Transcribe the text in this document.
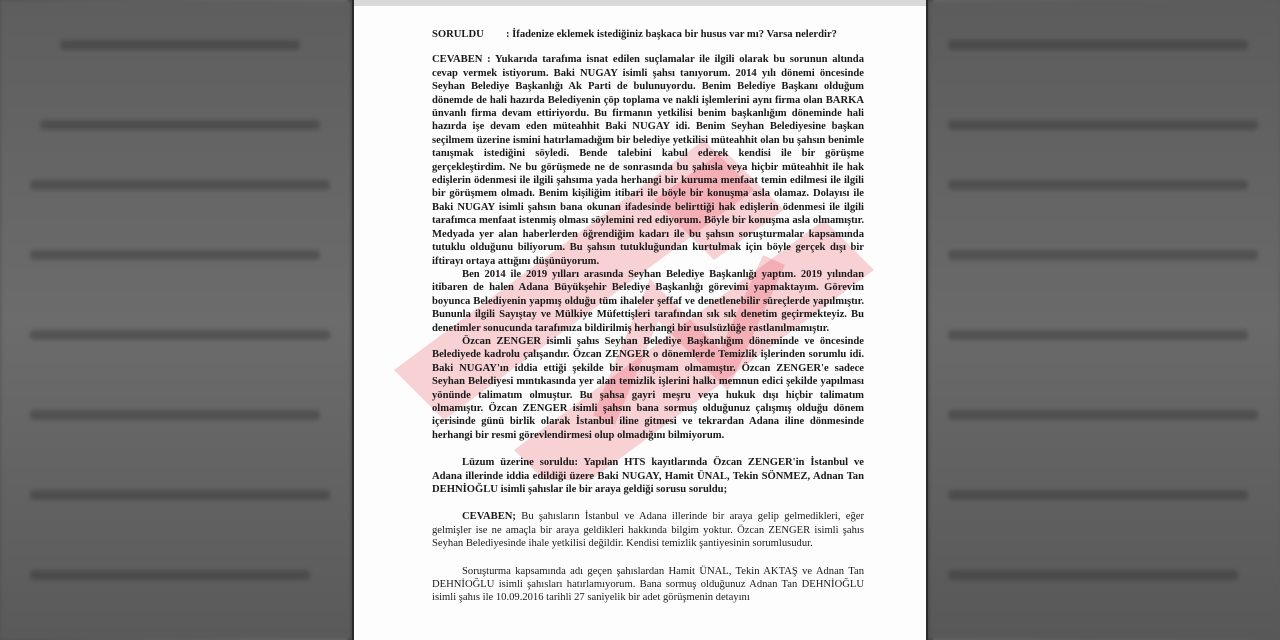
SORULDU	: İfadenize eklemek istediğiniz başkaca bir husus var mı? Varsa nelerdir?

CEVABEN : Yukarıda tarafıma isnat edilen suçlamalar ile ilgili olarak bu sorunun altında cevap vermek istiyorum. Baki NUGAY isimli şahsı tanıyorum. 2014 yılı dönemi öncesinde Seyhan Belediye Başkanlığı Ak Parti de bulunuyordu. Benim Belediye Başkanı olduğum dönemde de hali hazırda Belediyenin çöp toplama ve nakli işlemlerini aynı firma olan BARKA ünvanlı firma devam ettiriyordu. Bu firmanın yetkilisi benim başkanlığım döneminde hali hazırda işe devam eden müteahhit Baki NUGAY idi. Benim Seyhan Belediyesine başkan seçilmem üzerine ismini hatırlamadığım bir belediye yetkilisi müteahhit olan bu şahsın benimle tanışmak istediğini söyledi. Bende talebini kabul ederek kendisi ile bir görüşme gerçekleştirdim. Ne bu görüşmede ne de sonrasında bu şahısla veya hiçbir müteahhit ile hak edişlerin ödenmesi ile ilgili şahsıma yada herhangi bir kuruma menfaat temin edilmesi ile ilgili bir görüşmem olmadı. Benim kişiliğim itibari ile böyle bir konuşma asla olamaz. Dolayısı ile Baki NUGAY isimli şahsın bana okunan ifadesinde belirttiği hak edişlerin ödenmesi ile ilgili tarafımca menfaat istenmiş olması söylemini red ediyorum. Böyle bir konuşma asla olmamıştır. Medyada yer alan haberlerden öğrendiğim kadarı ile bu şahsın soruşturmalar kapsamında tutuklu olduğunu biliyorum. Bu şahsın tutukluğundan kurtulmak için böyle gerçek dışı bir iftirayı ortaya attığını düşünüyorum.

Ben 2014 ile 2019 yılları arasında Seyhan Belediye Başkanlığı yaptım. 2019 yılından itibaren de halen Adana Büyükşehir Belediye Başkanlığı görevimi yapmaktayım. Görevim boyunca Belediyenin yapmış olduğu tüm ihaleler şeffaf ve denetlenebilir süreçlerde yapılmıştır. Bununla ilgili Sayıştay ve Mülkiye Müfettişleri tarafından sık sık denetim geçirmekteyiz. Bu denetimler sonucunda tarafımıza bildirilmiş herhangi bir usulsüzlüğe rastlanılmamıştır.

Özcan ZENGER isimli şahıs Seyhan Belediye Başkanlığım döneminde ve öncesinde Belediyede kadrolu çalışandır. Özcan ZENGER o dönemlerde Temizlik işlerinden sorumlu idi. Baki NUGAY'ın iddia ettiği şekilde bir konuşmam olmamıştır. Özcan ZENGER'e sadece Seyhan Belediyesi mıntıkasında yer alan temizlik işlerini halkı memnun edici şekilde yapılması yönünde talimatım olmuştur. Bu şahsa gayri meşru veya hukuk dışı hiçbir talimatım olmamıştır. Özcan ZENGER isimli şahsın bana sormuş olduğunuz çalışmış olduğu dönem içerisinde günü birlik olarak İstanbul iline gitmesi ve tekrardan Adana iline dönmesinde herhangi bir resmi görevlendirmesi olup olmadığını bilmiyorum.

Lüzum üzerine soruldu: Yapılan HTS kayıtlarında Özcan ZENGER'in İstanbul ve Adana illerinde iddia edildiği üzere Baki NUGAY, Hamit ÜNAL, Tekin SÖNMEZ, Adnan Tan DEHNİOĞLU isimli şahıslar ile bir araya geldiği sorusu soruldu;

CEVABEN; Bu şahısların İstanbul ve Adana illerinde bir araya gelip gelmedikleri, eğer gelmişler ise ne amaçla bir araya geldikleri hakkında bilgim yoktur. Özcan ZENGER isimli şahıs Seyhan Belediyesinde ihale yetkilisi değildir. Kendisi temizlik şantiyesinin sorumlusudur.

Soruşturma kapsamında adı geçen şahıslardan Hamit ÜNAL, Tekin AKTAŞ ve Adnan Tan DEHNİOĞLU isimli şahısları hatırlamıyorum. Bana sormuş olduğunuz Adnan Tan DEHNİOĞLU isimli şahıs ile 10.09.2016 tarihli 27 saniyelik bir adet görüşmenin detayını
